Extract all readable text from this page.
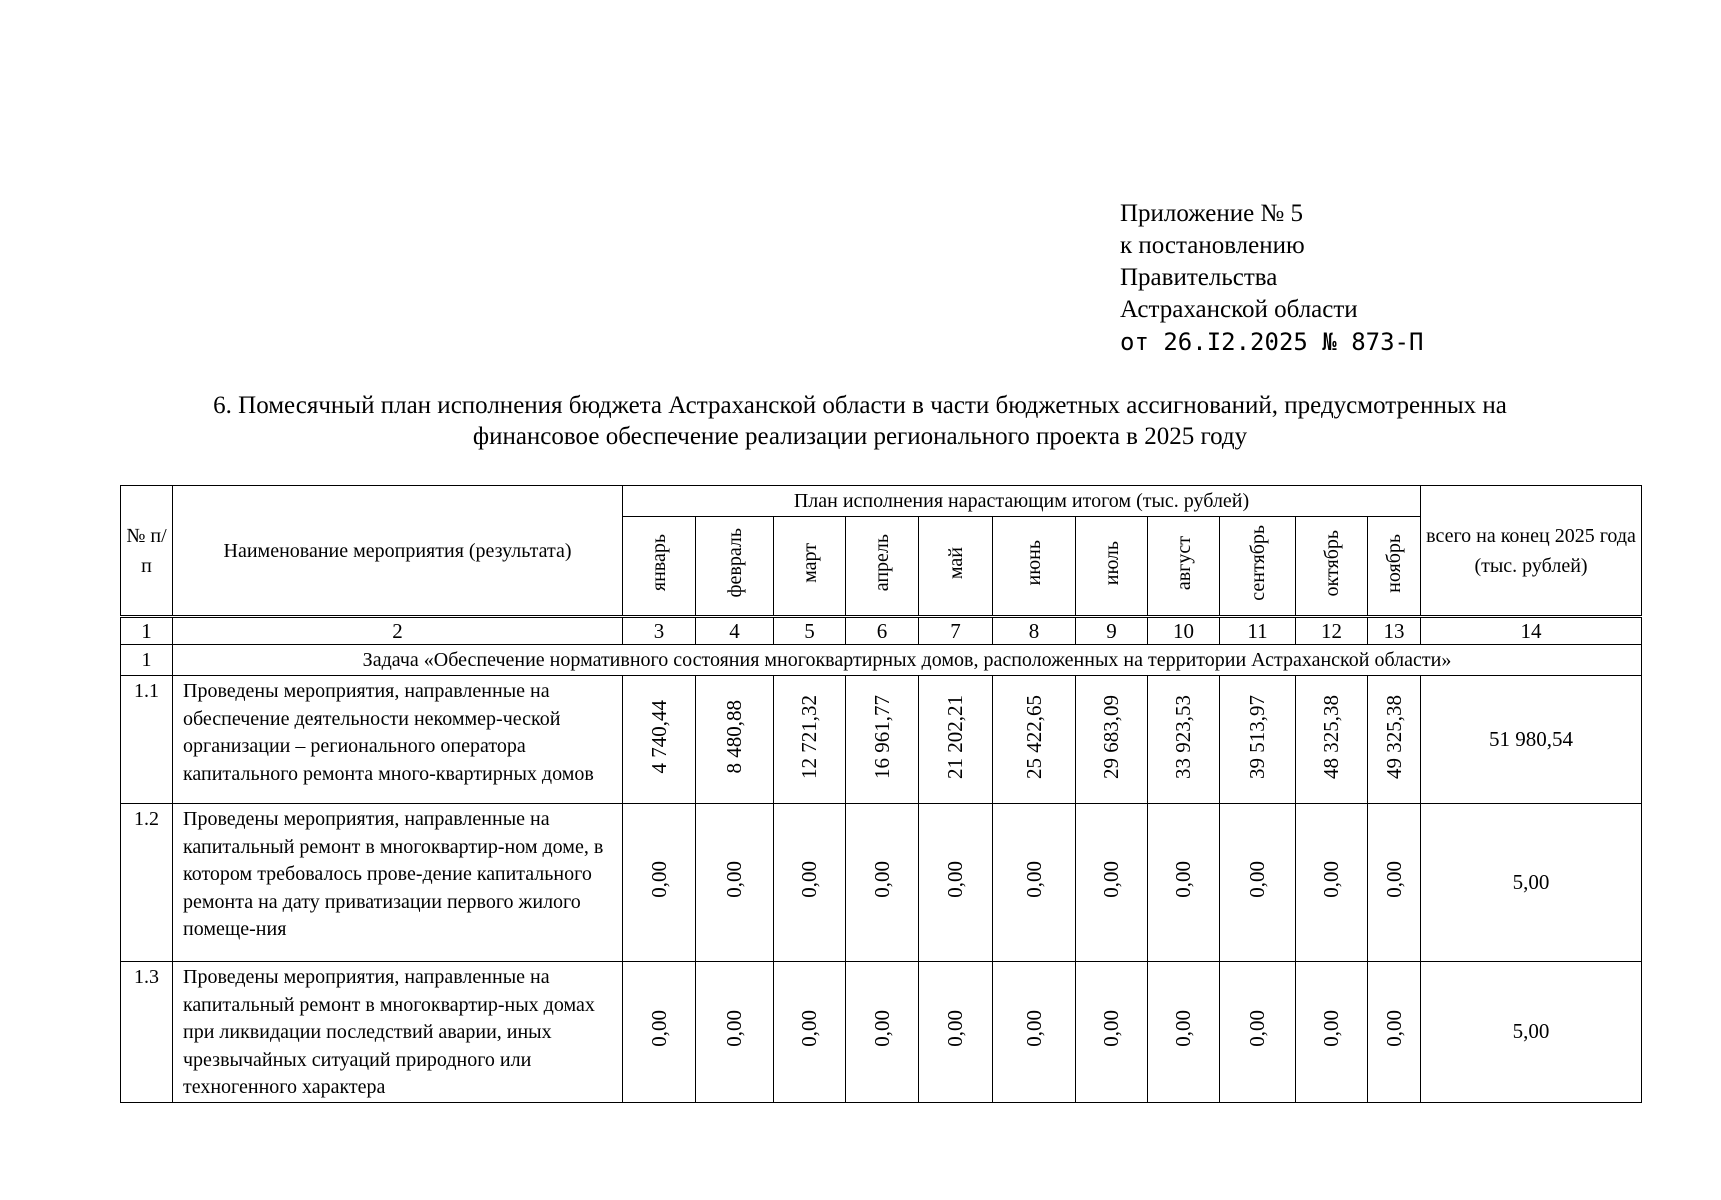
Приложение № 5
к постановлению
Правительства
Астраханской области
от 26.I2.2025 № 873-П
6. Помесячный план исполнения бюджета Астраханской области в части бюджетных ассигнований, предусмотренных на
финансовое обеспечение реализации регионального проекта в 2025 году
№ п/п	Наименование мероприятия (результата)	План исполнения нарастающим итогом (тыс. рублей)											всего на конец 2025 года (тыс. рублей)
		январь	февраль	март	апрель	май	июнь	июль	август	сентябрь	октябрь	ноябрь	
1	2	3	4	5	6	7	8	9	10	11	12	13	14
1	Задача «Обеспечение нормативного состояния многоквартирных домов, расположенных на территории Астраханской области»												
1.1	Проведены мероприятия, направленные на обеспечение деятельности некоммер-ческой организации – регионального оператора капитального ремонта много-квартирных домов	4 740,44	8 480,88	12 721,32	16 961,77	21 202,21	25 422,65	29 683,09	33 923,53	39 513,97	48 325,38	49 325,38	51 980,54
1.2	Проведены мероприятия, направленные на капитальный ремонт в многоквартир-ном доме, в котором требовалось прове-дение капитального ремонта на дату приватизации первого жилого помеще-ния	0,00	0,00	0,00	0,00	0,00	0,00	0,00	0,00	0,00	0,00	0,00	5,00
1.3	Проведены мероприятия, направленные на капитальный ремонт в многоквартир-ных домах при ликвидации последствий аварии, иных чрезвычайных ситуаций природного или техногенного характера	0,00	0,00	0,00	0,00	0,00	0,00	0,00	0,00	0,00	0,00	0,00	5,00
